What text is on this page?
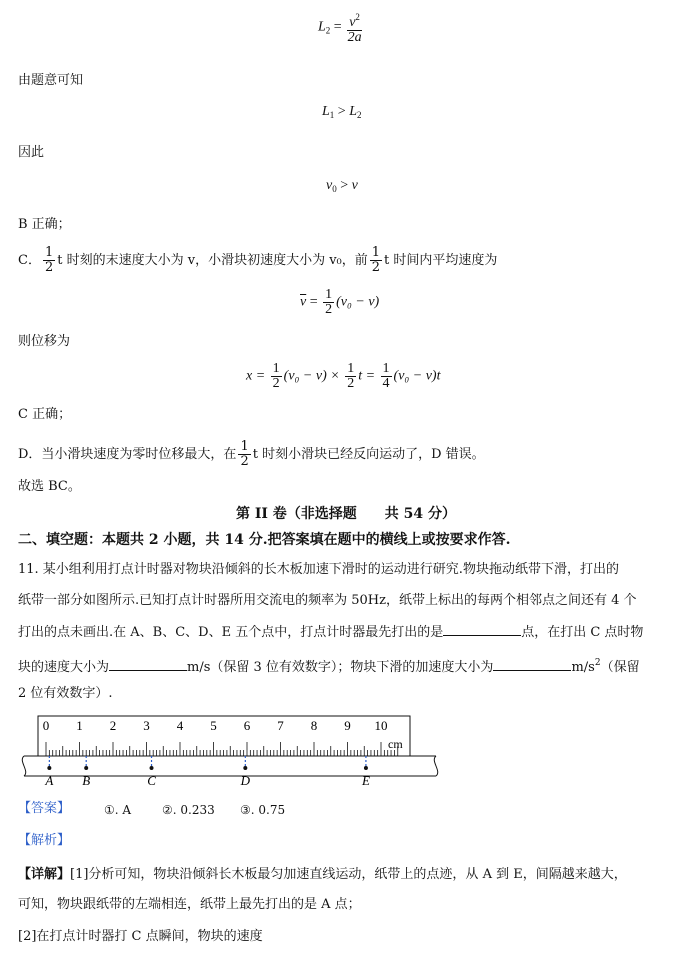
$L_2 = \frac{v^2}{2a}$
由题意可知
$L_1 > L_2$
因此
$v_0 > v$
B 正确；
C． $\frac{1}{2}$ t 时刻的末速度大小为 v，小滑块初速度大小为 v₀，前 $\frac{1}{2}$ t 时间内平均速度为
$\overline{v} = \frac{1}{2} (v_0 - v)$
则位移为
$x = \frac{1}{2} (v_0 - v) \times \frac{1}{2}$ $t = \frac{1}{4} (v_0 - v)t$
C 正确；
D．当小滑块速度为零时位移最大，在 $\frac{1}{2}$ t 时刻小滑块已经反向运动了，D 错误。
故选 BC。
第 II 卷（非选择题　　共 54 分）
二、填空题：本题共 2 小题，共 14 分.把答案填在题中的横线上或按要求作答.
11. 某小组利用打点计时器对物块沿倾斜的长木板加速下滑时的运动进行研究.物块拖动纸带下滑，打出的
纸带一部分如图所示.已知打点计时器所用交流电的频率为 50Hz，纸带上标出的每两个相邻点之间还有 4 个
打出的点未画出.在 A、B、C、D、E 五个点中，打点计时器最先打出的是	点，在打出 C 点时物
块的速度大小为	m/s（保留 3 位有效数字）；物块下滑的加速度大小为	$m/s^2$（保留
2 位有效数字）.
0 1 2 3 4 5 6 7 8 9 10
cm
A B	C	D	E
【答案】	①. A	②. 0.233 ③. 0.75
【解析】
【详解】[1]分析可知，物块沿倾斜长木板最匀加速直线运动，纸带上的点迹，从 A 到 E，间隔越来越大，
可知，物块跟纸带的左端相连，纸带上最先打出的是 A 点；
[2]在打点计时器打 C 点瞬间，物块的速度
